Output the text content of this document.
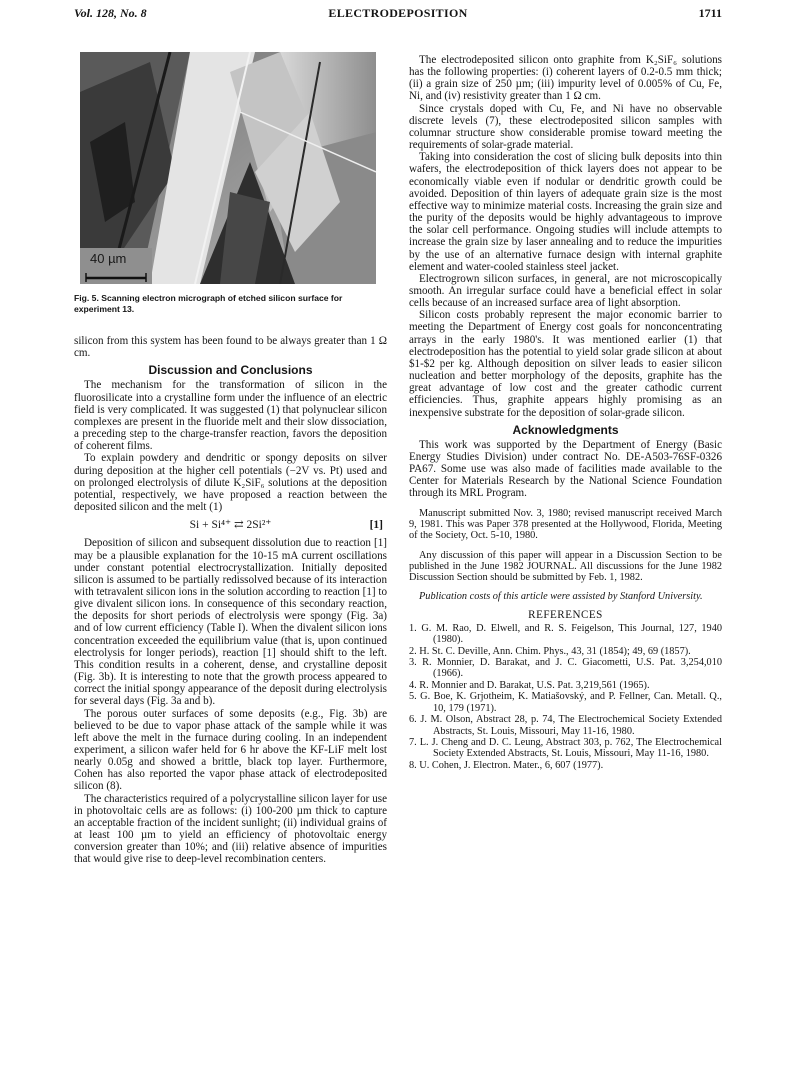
Vol. 128, No. 8	ELECTRODEPOSITION	1711
40 µm
Fig. 5. Scanning electron micrograph of etched silicon surface for experiment 13.

silicon from this system has been found to be always greater than 1 Ω cm.

Discussion and Conclusions

The mechanism for the transformation of silicon in the fluorosilicate into a crystalline form under the influence of an electric field is very complicated. It was suggested (1) that polynuclear silicon complexes are present in the fluoride melt and their slow dissociation, a preceding step to the charge-transfer reaction, favors the deposition of coherent films.

To explain powdery and dendritic or spongy deposits on silver during deposition at the higher cell potentials (−2V vs. Pt) used and on prolonged electrolysis of dilute K₂SiF₆ solutions at the deposition potential, respectively, we have proposed a reaction between the deposited silicon and the melt (1)

Si + Si⁴⁺ ⇄ 2Si²⁺	[1]

Deposition of silicon and subsequent dissolution due to reaction [1] may be a plausible explanation for the 10-15 mA current oscillations under constant potential electrocrystallization. Initially deposited silicon is assumed to be partially redissolved because of its interaction with tetravalent silicon ions in the solution according to reaction [1] to give divalent silicon ions. In consequence of this secondary reaction, the deposits for short periods of electrolysis were spongy (Fig. 3a) and of low current efficiency (Table I). When the divalent silicon ions concentration exceeded the equilibrium value (that is, upon continued electrolysis for longer periods), reaction [1] should shift to the left. This condition results in a coherent, dense, and crystalline deposit (Fig. 3b). It is interesting to note that the growth process appeared to correct the initial spongy appearance of the deposit during electrolysis for several days (Fig. 3a and b).

The porous outer surfaces of some deposits (e.g., Fig. 3b) are believed to be due to vapor phase attack of the sample while it was left above the melt in the furnace during cooling. In an independent experiment, a silicon wafer held for 6 hr above the KF-LiF melt lost nearly 0.05g and showed a brittle, black top layer. Furthermore, Cohen has also reported the vapor phase attack of electrodeposited silicon (8).

The characteristics required of a polycrystalline silicon layer for use in photovoltaic cells are as follows: (i) 100-200 µm thick to capture an acceptable fraction of the incident sunlight; (ii) individual grains of at least 100 µm to yield an efficiency of photovoltaic energy conversion greater than 10%; and (iii) relative absence of impurities that would give rise to deep-level recombination centers.

The electrodeposited silicon onto graphite from K₂SiF₆ solutions has the following properties: (i) coherent layers of 0.2-0.5 mm thick; (ii) a grain size of 250 µm; (iii) impurity level of 0.005% of Cu, Fe, Ni, and (iv) resistivity greater than 1 Ω cm.

Since crystals doped with Cu, Fe, and Ni have no observable discrete levels (7), these electrodeposited silicon samples with columnar structure show considerable promise toward meeting the requirements of solar-grade material.

Taking into consideration the cost of slicing bulk deposits into thin wafers, the electrodeposition of thick layers does not appear to be economically viable even if nodular or dendritic growth could be avoided. Deposition of thin layers of adequate grain size is the most effective way to minimize material costs. Increasing the grain size and the purity of the deposits would be highly advantageous to improve the solar cell performance. Ongoing studies will include attempts to increase the grain size by laser annealing and to reduce the impurities by the use of an alternative furnace design with internal graphite element and water-cooled stainless steel jacket.

Electrogrown silicon surfaces, in general, are not microscopically smooth. An irregular surface could have a beneficial effect in solar cells because of an increased surface area of light absorption.

Silicon costs probably represent the major economic barrier to meeting the Department of Energy cost goals for nonconcentrating arrays in the early 1980's. It was mentioned earlier (1) that electrodeposition has the potential to yield solar grade silicon at about $1-$2 per kg. Although deposition on silver leads to easier silicon nucleation and better morphology of the deposits, graphite has the great advantage of low cost and the greater cathodic current efficiencies. Thus, graphite appears highly promising as an inexpensive substrate for the deposition of solar-grade silicon.

Acknowledgments

This work was supported by the Department of Energy (Basic Energy Studies Division) under contract No. DE-A503-76SF-0326 PA67. Some use was also made of facilities made available to the Center for Materials Research by the National Science Foundation through its MRL Program.

Manuscript submitted Nov. 3, 1980; revised manuscript received March 9, 1981. This was Paper 378 presented at the Hollywood, Florida, Meeting of the Society, Oct. 5-10, 1980.

Any discussion of this paper will appear in a Discussion Section to be published in the June 1982 JOURNAL. All discussions for the June 1982 Discussion Section should be submitted by Feb. 1, 1982.

Publication costs of this article were assisted by Stanford University.

REFERENCES

1. G. M. Rao, D. Elwell, and R. S. Feigelson, This Journal, 127, 1940 (1980).

2. H. St. C. Deville, Ann. Chim. Phys., 43, 31 (1854); 49, 69 (1857).

3. R. Monnier, D. Barakat, and J. C. Giacometti, U.S. Pat. 3,254,010 (1966).

4. R. Monnier and D. Barakat, U.S. Pat. 3,219,561 (1965).

5. G. Boe, K. Grjotheim, K. Matiašovský, and P. Fellner, Can. Metall. Q., 10, 179 (1971).

6. J. M. Olson, Abstract 28, p. 74, The Electrochemical Society Extended Abstracts, St. Louis, Missouri, May 11-16, 1980.

7. L. J. Cheng and D. C. Leung, Abstract 303, p. 762, The Electrochemical Society Extended Abstracts, St. Louis, Missouri, May 11-16, 1980.

8. U. Cohen, J. Electron. Mater., 6, 607 (1977).
